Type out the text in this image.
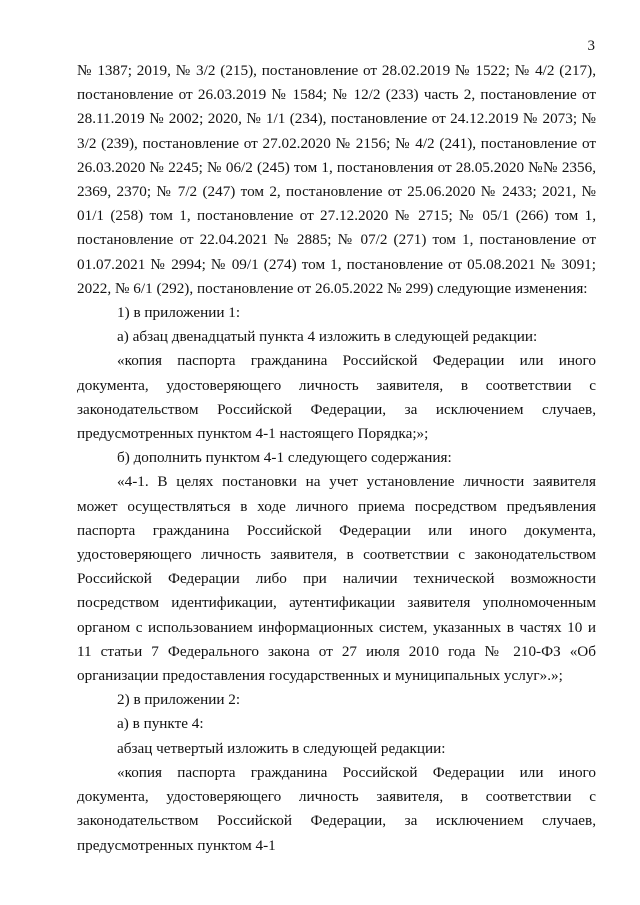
3

№ 1387; 2019, № 3/2 (215), постановление от 28.02.2019 № 1522; № 4/2 (217), постановление от 26.03.2019 № 1584; № 12/2 (233) часть 2, постановление от 28.11.2019 № 2002; 2020, № 1/1 (234), постановление от 24.12.2019 № 2073; № 3/2 (239), постановление от 27.02.2020 № 2156; № 4/2 (241), постановление от 26.03.2020 № 2245; № 06/2 (245) том 1, постановления от 28.05.2020 №№ 2356, 2369, 2370; № 7/2 (247) том 2, постановление от 25.06.2020 № 2433; 2021, № 01/1 (258) том 1, постановление от 27.12.2020 № 2715; № 05/1 (266) том 1, постановление от 22.04.2021 № 2885; № 07/2 (271) том 1, постановление от 01.07.2021 № 2994; № 09/1 (274) том 1, постановление от 05.08.2021 № 3091; 2022, № 6/1 (292), постановление от 26.05.2022 № 299) следующие изменения:

1) в приложении 1:

а) абзац двенадцатый пункта 4 изложить в следующей редакции:

«копия паспорта гражданина Российской Федерации или иного документа, удостоверяющего личность заявителя, в соответствии с законодательством Российской Федерации, за исключением случаев, предусмотренных пунктом 4-1 настоящего Порядка;»;

б) дополнить пунктом 4-1 следующего содержания:

«4-1. В целях постановки на учет установление личности заявителя может осуществляться в ходе личного приема посредством предъявления паспорта гражданина Российской Федерации или иного документа, удостоверяющего личность заявителя, в соответствии с законодательством Российской Федерации либо при наличии технической возможности посредством идентификации, аутентификации заявителя уполномоченным органом с использованием информационных систем, указанных в частях 10 и 11 статьи 7 Федерального закона от 27 июля 2010 года № 210-ФЗ «Об организации предоставления государственных и муниципальных услуг».»;

2) в приложении 2:

а) в пункте 4:

абзац четвертый изложить в следующей редакции:

«копия паспорта гражданина Российской Федерации или иного документа, удостоверяющего личность заявителя, в соответствии с законодательством Российской Федерации, за исключением случаев, предусмотренных пунктом 4-1
